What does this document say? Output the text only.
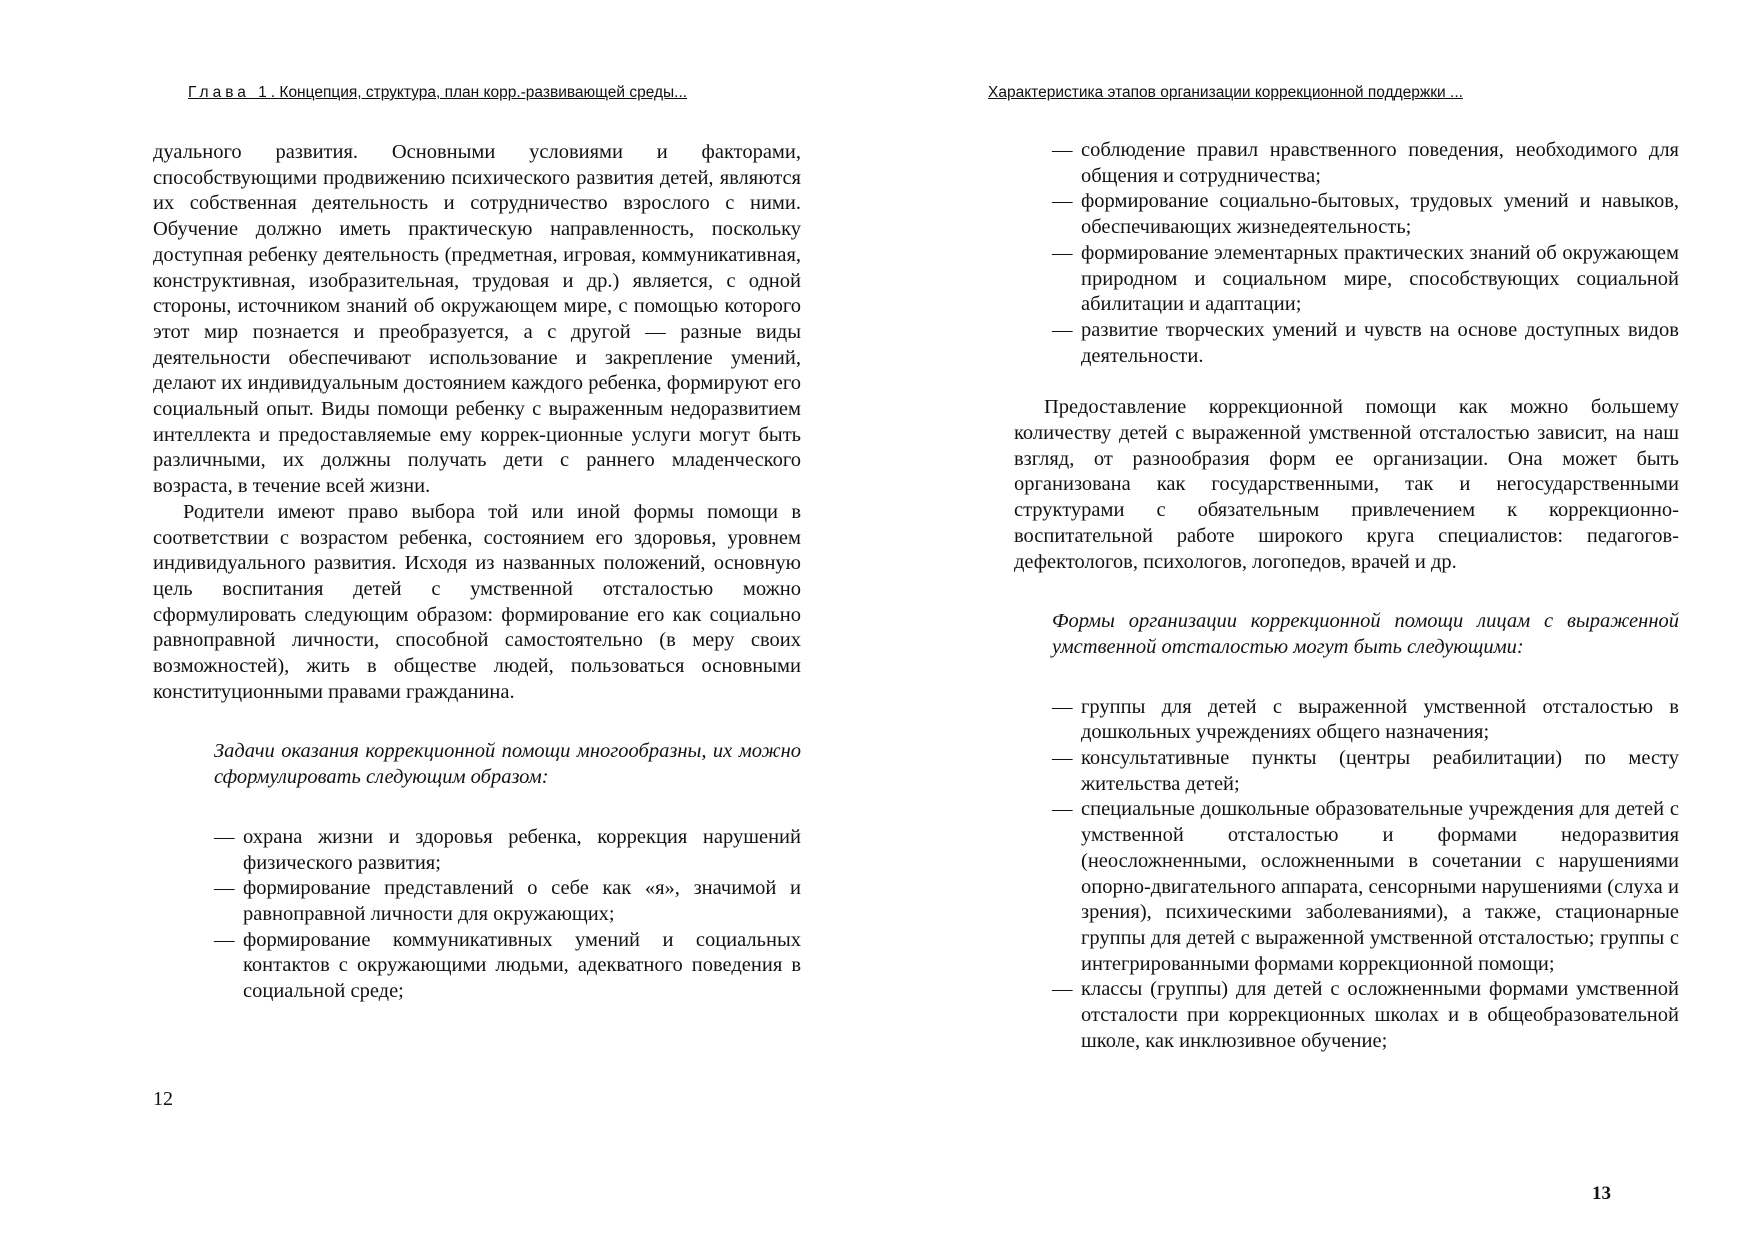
Глава 1. Концепция, структура, план корр.-развивающей среды...

дуального развития. Основными условиями и факторами, способствующими продвижению психического развития детей, являются их собственная деятельность и сотрудничество взрослого с ними. Обучение должно иметь практическую направленность, поскольку доступная ребенку деятельность (предметная, игровая, коммуникативная, конструктивная, изобразительная, трудовая и др.) является, с одной стороны, источником знаний об окружающем мире, с помощью которого этот мир познается и преобразуется, а с другой — разные виды деятельности обеспечивают использование и закрепление умений, делают их индивидуальным достоянием каждого ребенка, формируют его социальный опыт. Виды помощи ребенку с выраженным недоразвитием интеллекта и предоставляемые ему коррек-ционные услуги могут быть различными, их должны получать дети с раннего младенческого возраста, в течение всей жизни.

Родители имеют право выбора той или иной формы помощи в соответствии с возрастом ребенка, состоянием его здоровья, уровнем индивидуального развития. Исходя из названных положений, основную цель воспитания детей с умственной отсталостью можно сформулировать следующим образом: формирование его как социально равноправной личности, способной самостоятельно (в меру своих возможностей), жить в обществе людей, пользоваться основными конституционными правами гражданина.

Задачи оказания коррекционной помощи многообразны, их можно сформулировать следующим образом:

— охрана жизни и здоровья ребенка, коррекция нарушений физического развития;
— формирование представлений о себе как «я», значимой и равноправной личности для окружающих;
— формирование коммуникативных умений и социальных контактов с окружающими людьми, адекватного поведения в социальной среде;
12
Характеристика этапов организации коррекционной поддержки ...
— соблюдение правил нравственного поведения, необходимого для общения и сотрудничества;
— формирование социально-бытовых, трудовых умений и навыков, обеспечивающих жизнедеятельность;
— формирование элементарных практических знаний об окружающем природном и социальном мире, способствующих социальной абилитации и адаптации;
— развитие творческих умений и чувств на основе доступных видов деятельности.

Предоставление коррекционной помощи как можно большему количеству детей с выраженной умственной отсталостью зависит, на наш взгляд, от разнообразия форм ее организации. Она может быть организована как государственными, так и негосударственными структурами с обязательным привлечением к коррекционно-воспитательной работе широкого круга специалистов: педагогов-дефектологов, психологов, логопедов, врачей и др.

Формы организации коррекционной помощи лицам с выраженной умственной отсталостью могут быть следующими:

— группы для детей с выраженной умственной отсталостью в дошкольных учреждениях общего назначения;
— консультативные пункты (центры реабилитации) по месту жительства детей;
— специальные дошкольные образовательные учреждения для детей с умственной отсталостью и формами недоразвития (неосложненными, осложненными в сочетании с нарушениями опорно-двигательного аппарата, сенсорными нарушениями (слуха и зрения), психическими заболеваниями), а также, стационарные группы для детей с выраженной умственной отсталостью; группы с интегрированными формами коррекционной помощи;
— классы (группы) для детей с осложненными формами умственной отсталости при коррекционных школах и в общеобразовательной школе, как инклюзивное обучение;
13
